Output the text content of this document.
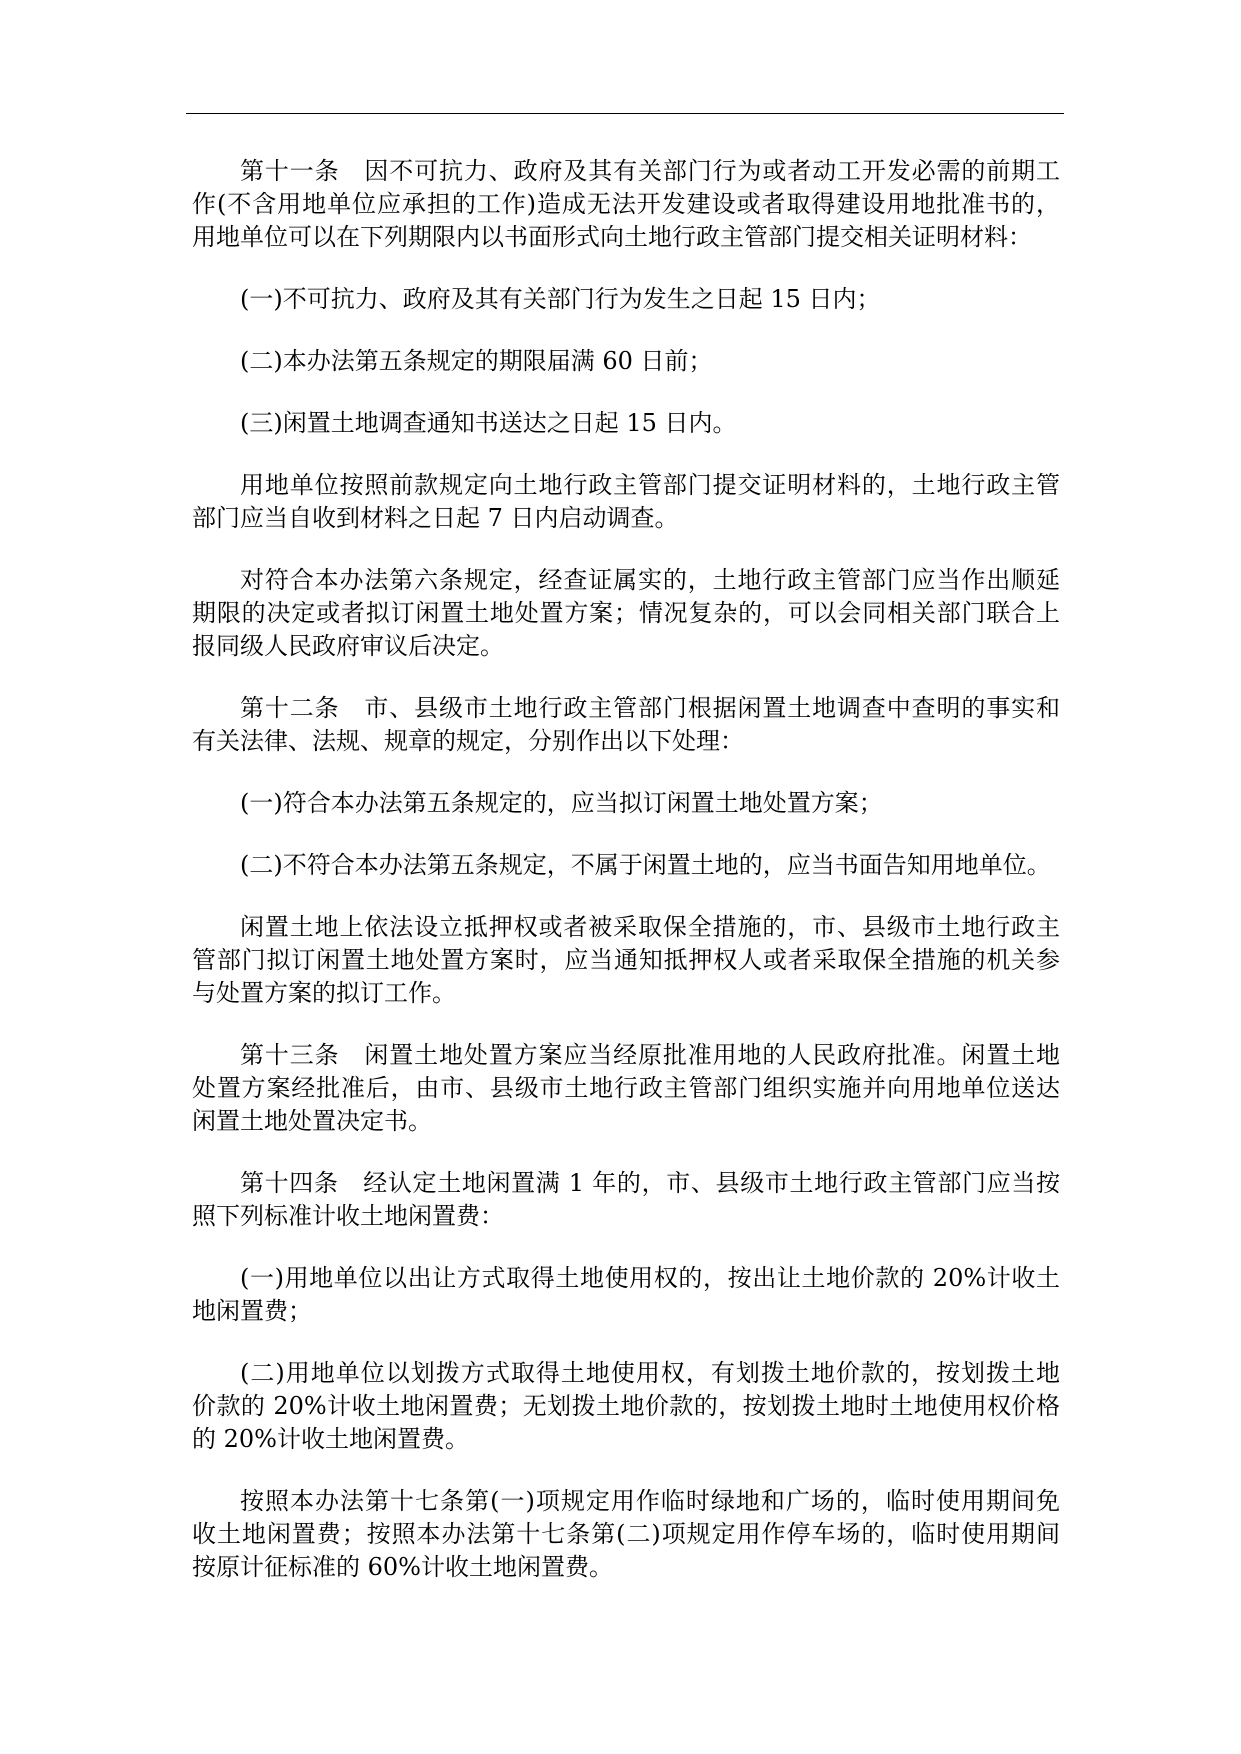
第十一条　因不可抗力、政府及其有关部门行为或者动工开发必需的前期工
作(不含用地单位应承担的工作)造成无法开发建设或者取得建设用地批准书的，
用地单位可以在下列期限内以书面形式向土地行政主管部门提交相关证明材料：
(一)不可抗力、政府及其有关部门行为发生之日起 15 日内；
(二)本办法第五条规定的期限届满 60 日前；
(三)闲置土地调查通知书送达之日起 15 日内。
用地单位按照前款规定向土地行政主管部门提交证明材料的，土地行政主管
部门应当自收到材料之日起 7 日内启动调查。
对符合本办法第六条规定，经查证属实的，土地行政主管部门应当作出顺延
期限的决定或者拟订闲置土地处置方案；情况复杂的，可以会同相关部门联合上
报同级人民政府审议后决定。
第十二条　市、县级市土地行政主管部门根据闲置土地调查中查明的事实和
有关法律、法规、规章的规定，分别作出以下处理：
(一)符合本办法第五条规定的，应当拟订闲置土地处置方案；
(二)不符合本办法第五条规定，不属于闲置土地的，应当书面告知用地单位。
闲置土地上依法设立抵押权或者被采取保全措施的，市、县级市土地行政主
管部门拟订闲置土地处置方案时，应当通知抵押权人或者采取保全措施的机关参
与处置方案的拟订工作。
第十三条　闲置土地处置方案应当经原批准用地的人民政府批准。闲置土地
处置方案经批准后，由市、县级市土地行政主管部门组织实施并向用地单位送达
闲置土地处置决定书。
第十四条　经认定土地闲置满 1 年的，市、县级市土地行政主管部门应当按
照下列标准计收土地闲置费：
(一)用地单位以出让方式取得土地使用权的，按出让土地价款的 20%计收土
地闲置费；
(二)用地单位以划拨方式取得土地使用权，有划拨土地价款的，按划拨土地
价款的 20%计收土地闲置费；无划拨土地价款的，按划拨土地时土地使用权价格
的 20%计收土地闲置费。
按照本办法第十七条第(一)项规定用作临时绿地和广场的，临时使用期间免
收土地闲置费；按照本办法第十七条第(二)项规定用作停车场的，临时使用期间
按原计征标准的 60%计收土地闲置费。
